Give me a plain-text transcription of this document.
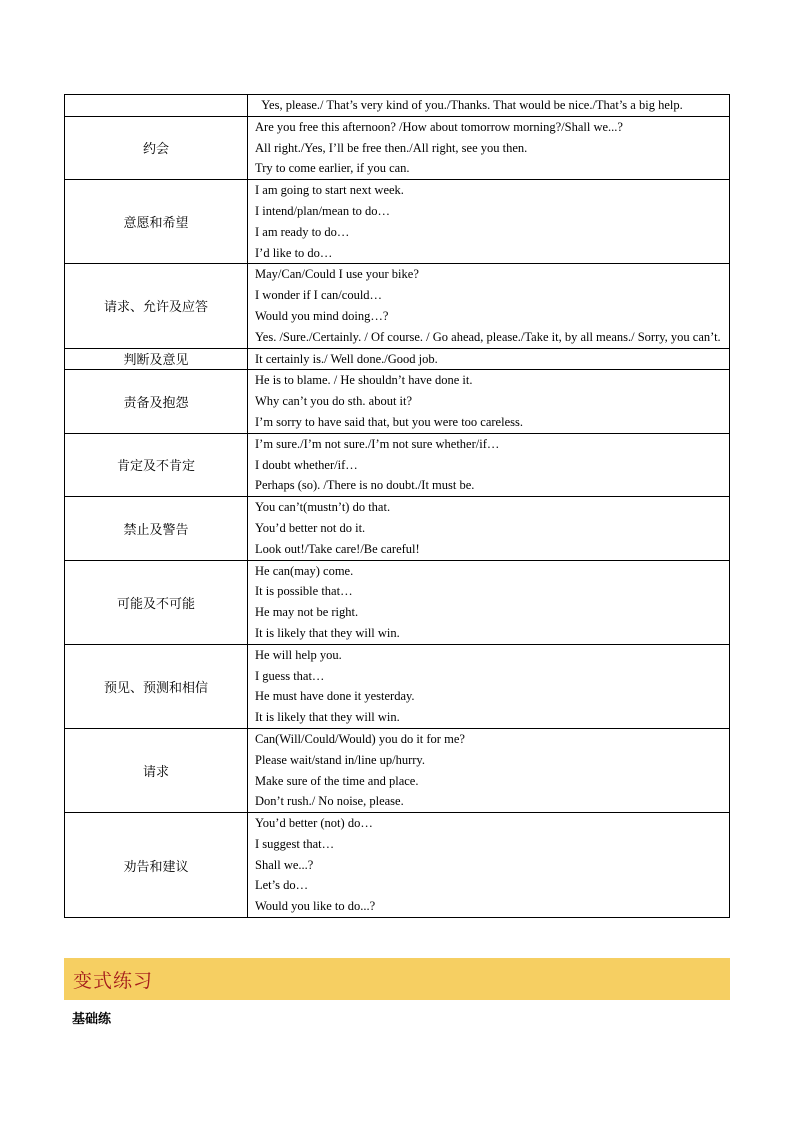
	Yes, please./ That’s very kind of you./Thanks. That would be nice./That’s a big help.

约会	Are you free this afternoon? /How about tomorrow morning?/Shall we...?
All right./Yes, I’ll be free then./All right, see you then.
Try to come earlier, if you can.

意愿和希望	I am going to start next week.
I intend/plan/mean to do…
I am ready to do…
I’d like to do…

请求、允许及应答	May/Can/Could I use your bike?
I wonder if I can/could…
Would you mind doing…?
Yes. /Sure./Certainly. / Of course. / Go ahead, please./Take it, by all means./ Sorry, you can’t.

判断及意见	It certainly is./ Well done./Good job.

责备及抱怨	He is to blame. / He shouldn’t have done it.
Why can’t you do sth. about it?
I’m sorry to have said that, but you were too careless.

肯定及不肯定	I’m sure./I’m not sure./I’m not sure whether/if…
I doubt whether/if…
Perhaps (so). /There is no doubt./It must be.

禁止及警告	You can’t(mustn’t) do that.
You’d better not do it.
Look out!/Take care!/Be careful!

可能及不可能	He can(may) come.
It is possible that…
He may not be right.
It is likely that they will win.

预见、预测和相信	He will help you.
I guess that…
He must have done it yesterday.
It is likely that they will win.

请求	Can(Will/Could/Would) you do it for me?
Please wait/stand in/line up/hurry.
Make sure of the time and place.
Don’t rush./ No noise, please.

劝告和建议	You’d better (not) do…
I suggest that…
Shall we...?
Let’s do…
Would you like to do...?
变式练习
基础练
